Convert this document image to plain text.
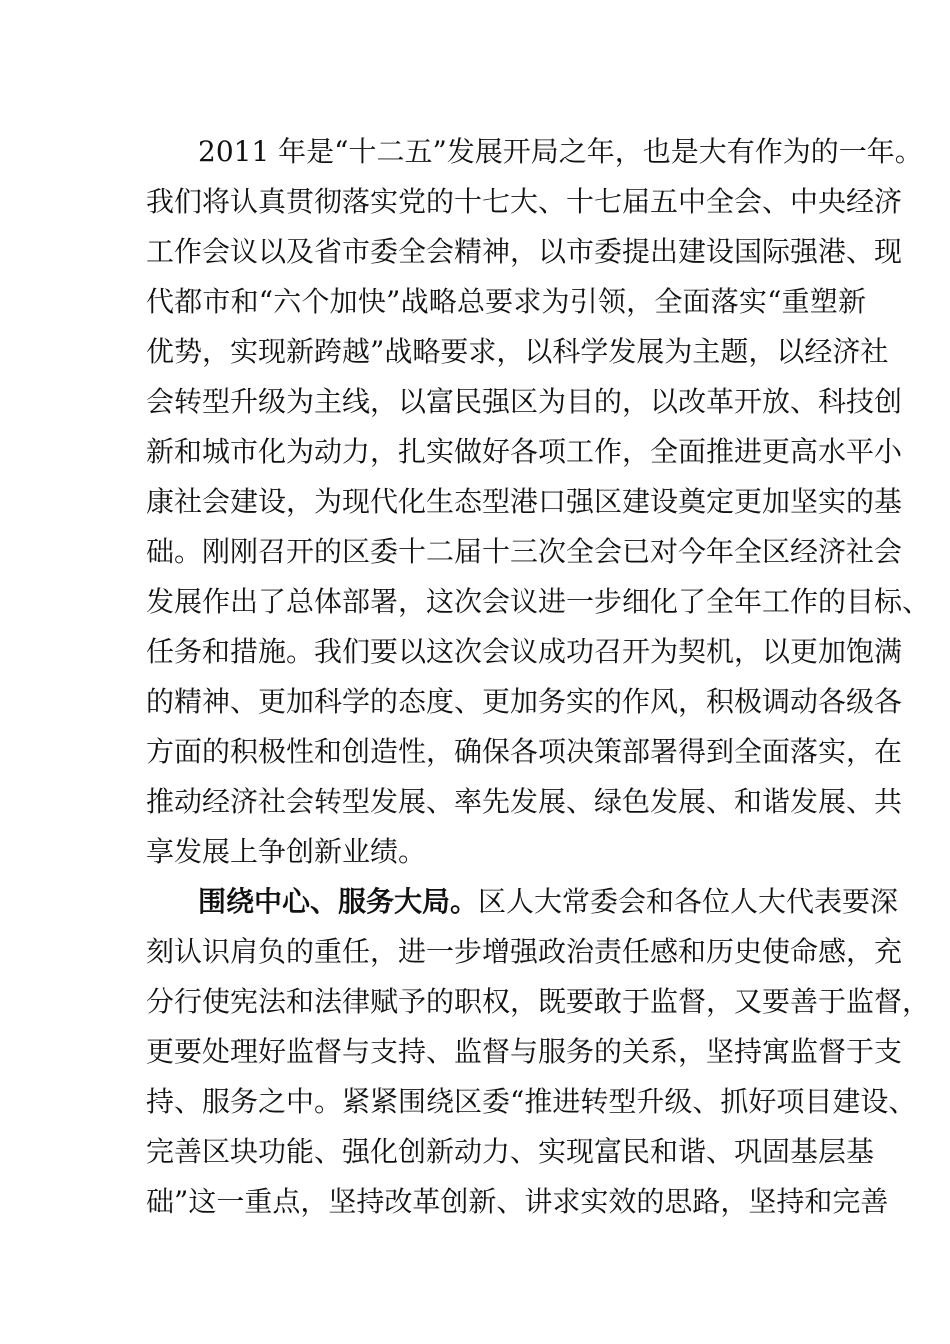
2011 年是“十二五”发展开局之年，也是大有作为的一年。
我们将认真贯彻落实党的十七大、十七届五中全会、中央经济
工作会议以及省市委全会精神，以市委提出建设国际强港、现
代都市和“六个加快”战略总要求为引领，全面落实“重塑新
优势，实现新跨越”战略要求，以科学发展为主题，以经济社
会转型升级为主线，以富民强区为目的，以改革开放、科技创
新和城市化为动力，扎实做好各项工作，全面推进更高水平小
康社会建设，为现代化生态型港口强区建设奠定更加坚实的基
础。刚刚召开的区委十二届十三次全会已对今年全区经济社会
发展作出了总体部署，这次会议进一步细化了全年工作的目标、
任务和措施。我们要以这次会议成功召开为契机，以更加饱满
的精神、更加科学的态度、更加务实的作风，积极调动各级各
方面的积极性和创造性，确保各项决策部署得到全面落实，在
推动经济社会转型发展、率先发展、绿色发展、和谐发展、共
享发展上争创新业绩。
围绕中心、服务大局。区人大常委会和各位人大代表要深
刻认识肩负的重任，进一步增强政治责任感和历史使命感，充
分行使宪法和法律赋予的职权，既要敢于监督，又要善于监督，
更要处理好监督与支持、监督与服务的关系，坚持寓监督于支
持、服务之中。紧紧围绕区委“推进转型升级、抓好项目建设、
完善区块功能、强化创新动力、实现富民和谐、巩固基层基
础”这一重点，坚持改革创新、讲求实效的思路，坚持和完善
